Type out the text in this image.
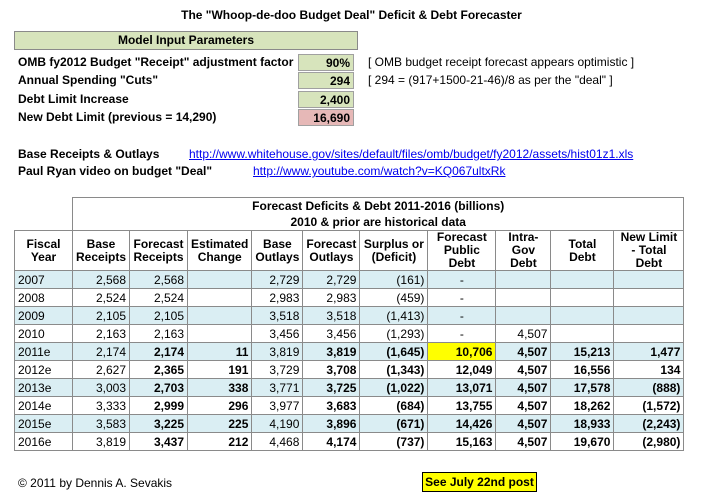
The "Whoop-de-doo Budget Deal" Deficit & Debt Forecaster
Model Input Parameters
OMB fy2012 Budget "Receipt" adjustment factor	90%	[ OMB budget receipt forecast appears optimistic ]
Annual Spending "Cuts"	294	[ 294 = (917+1500-21-46)/8 as per the "deal" ]
Debt Limit Increase	2,400
New Debt Limit (previous = 14,290)	16,690
Base Receipts & Outlays http://www.whitehouse.gov/sites/default/files/omb/budget/fy2012/assets/hist01z1.xls
Paul Ryan video on budget "Deal"	http://www.youtube.com/watch?v=KQ067ultxRk

	Forecast Deficits & Debt 2011-2016 (billions)
2010 & prior are historical data									

Fiscal Year	Base Receipts	Forecast Receipts	Estimated Change	Base Outlays	Forecast Outlays	Surplus or (Deficit)	Forecast Public Debt	Intra-Gov Debt	Total Debt	New Limit - Total Debt
2007	2,568	2,568		2,729	2,729	(161)	-			
2008	2,524	2,524		2,983	2,983	(459)	-			
2009	2,105	2,105		3,518	3,518	(1,413)	-			
2010	2,163	2,163		3,456	3,456	(1,293)	-	4,507		
2011e	2,174	2,174	11	3,819	3,819	(1,645)	10,706	4,507	15,213	1,477
2012e	2,627	2,365	191	3,729	3,708	(1,343)	12,049	4,507	16,556	134
2013e	3,003	2,703	338	3,771	3,725	(1,022)	13,071	4,507	17,578	(888)
2014e	3,333	2,999	296	3,977	3,683	(684)	13,755	4,507	18,262	(1,572)
2015e	3,583	3,225	225	4,190	3,896	(671)	14,426	4,507	18,933	(2,243)
2016e	3,819	3,437	212	4,468	4,174	(737)	15,163	4,507	19,670	(2,980)
© 2011 by Dennis A. Sevakis	See July 22nd post
